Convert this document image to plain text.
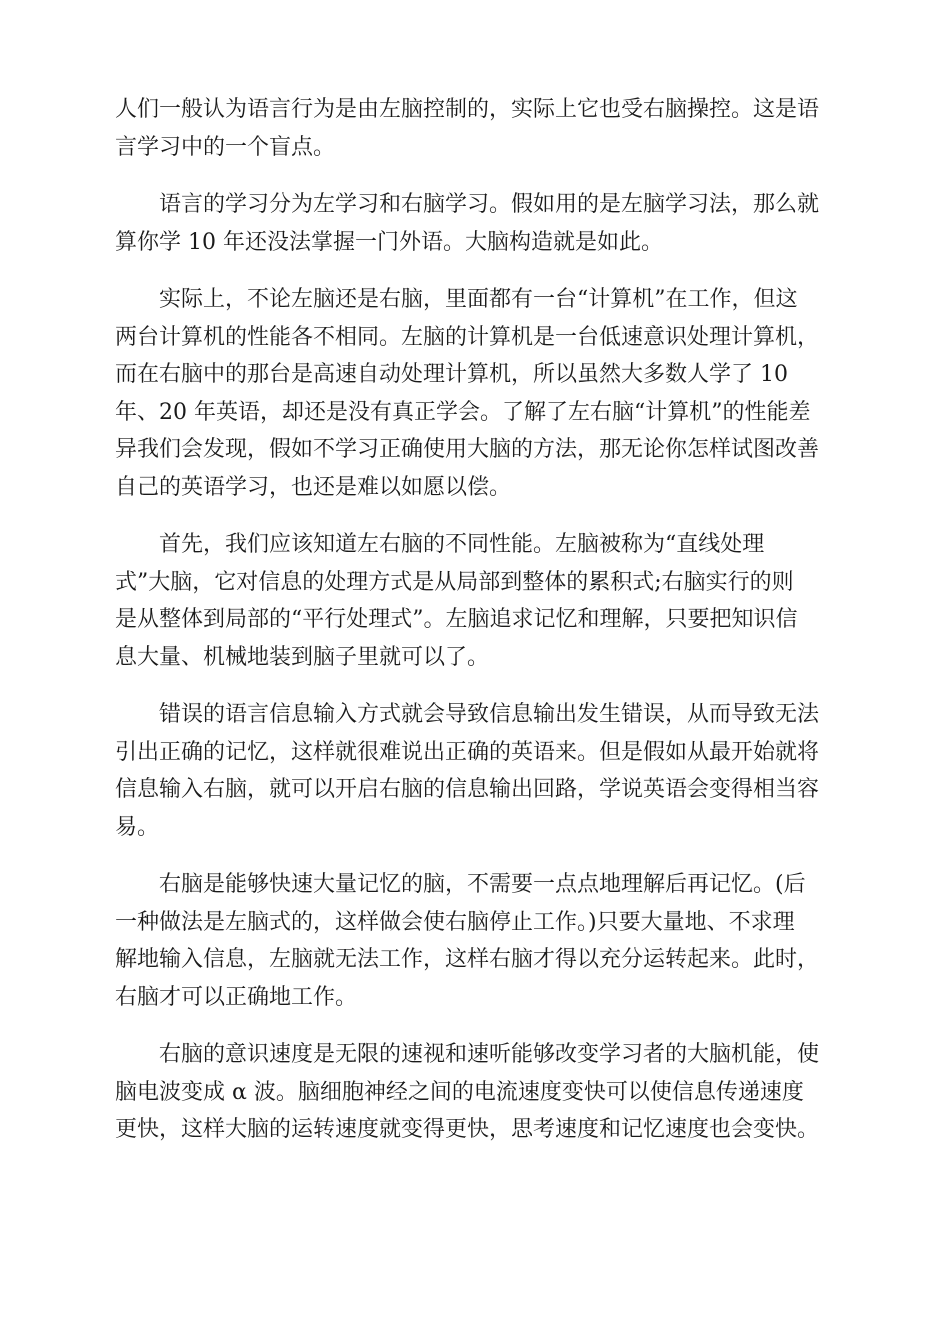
人们一般认为语言行为是由左脑控制的，实际上它也受右脑操控。这是语
言学习中的一个盲点。

　　语言的学习分为左学习和右脑学习。假如用的是左脑学习法，那么就
算你学 10 年还没法掌握一门外语。大脑构造就是如此。

　　实际上，不论左脑还是右脑，里面都有一台“计算机”在工作，但这
两台计算机的性能各不相同。左脑的计算机是一台低速意识处理计算机，
而在右脑中的那台是高速自动处理计算机，所以虽然大多数人学了 10
年、20 年英语，却还是没有真正学会。了解了左右脑“计算机”的性能差
异我们会发现，假如不学习正确使用大脑的方法，那无论你怎样试图改善
自己的英语学习，也还是难以如愿以偿。

　　首先，我们应该知道左右脑的不同性能。左脑被称为“直线处理
式”大脑，它对信息的处理方式是从局部到整体的累积式;右脑实行的则
是从整体到局部的“平行处理式”。左脑追求记忆和理解，只要把知识信
息大量、机械地装到脑子里就可以了。

　　错误的语言信息输入方式就会导致信息输出发生错误，从而导致无法
引出正确的记忆，这样就很难说出正确的英语来。但是假如从最开始就将
信息输入右脑，就可以开启右脑的信息输出回路，学说英语会变得相当容
易。

　　右脑是能够快速大量记忆的脑，不需要一点点地理解后再记忆。(后
一种做法是左脑式的，这样做会使右脑停止工作。)只要大量地、不求理
解地输入信息，左脑就无法工作，这样右脑才得以充分运转起来。此时，
右脑才可以正确地工作。

　　右脑的意识速度是无限的速视和速听能够改变学习者的大脑机能，使
脑电波变成 α 波。脑细胞神经之间的电流速度变快可以使信息传递速度
更快，这样大脑的运转速度就变得更快，思考速度和记忆速度也会变快。
